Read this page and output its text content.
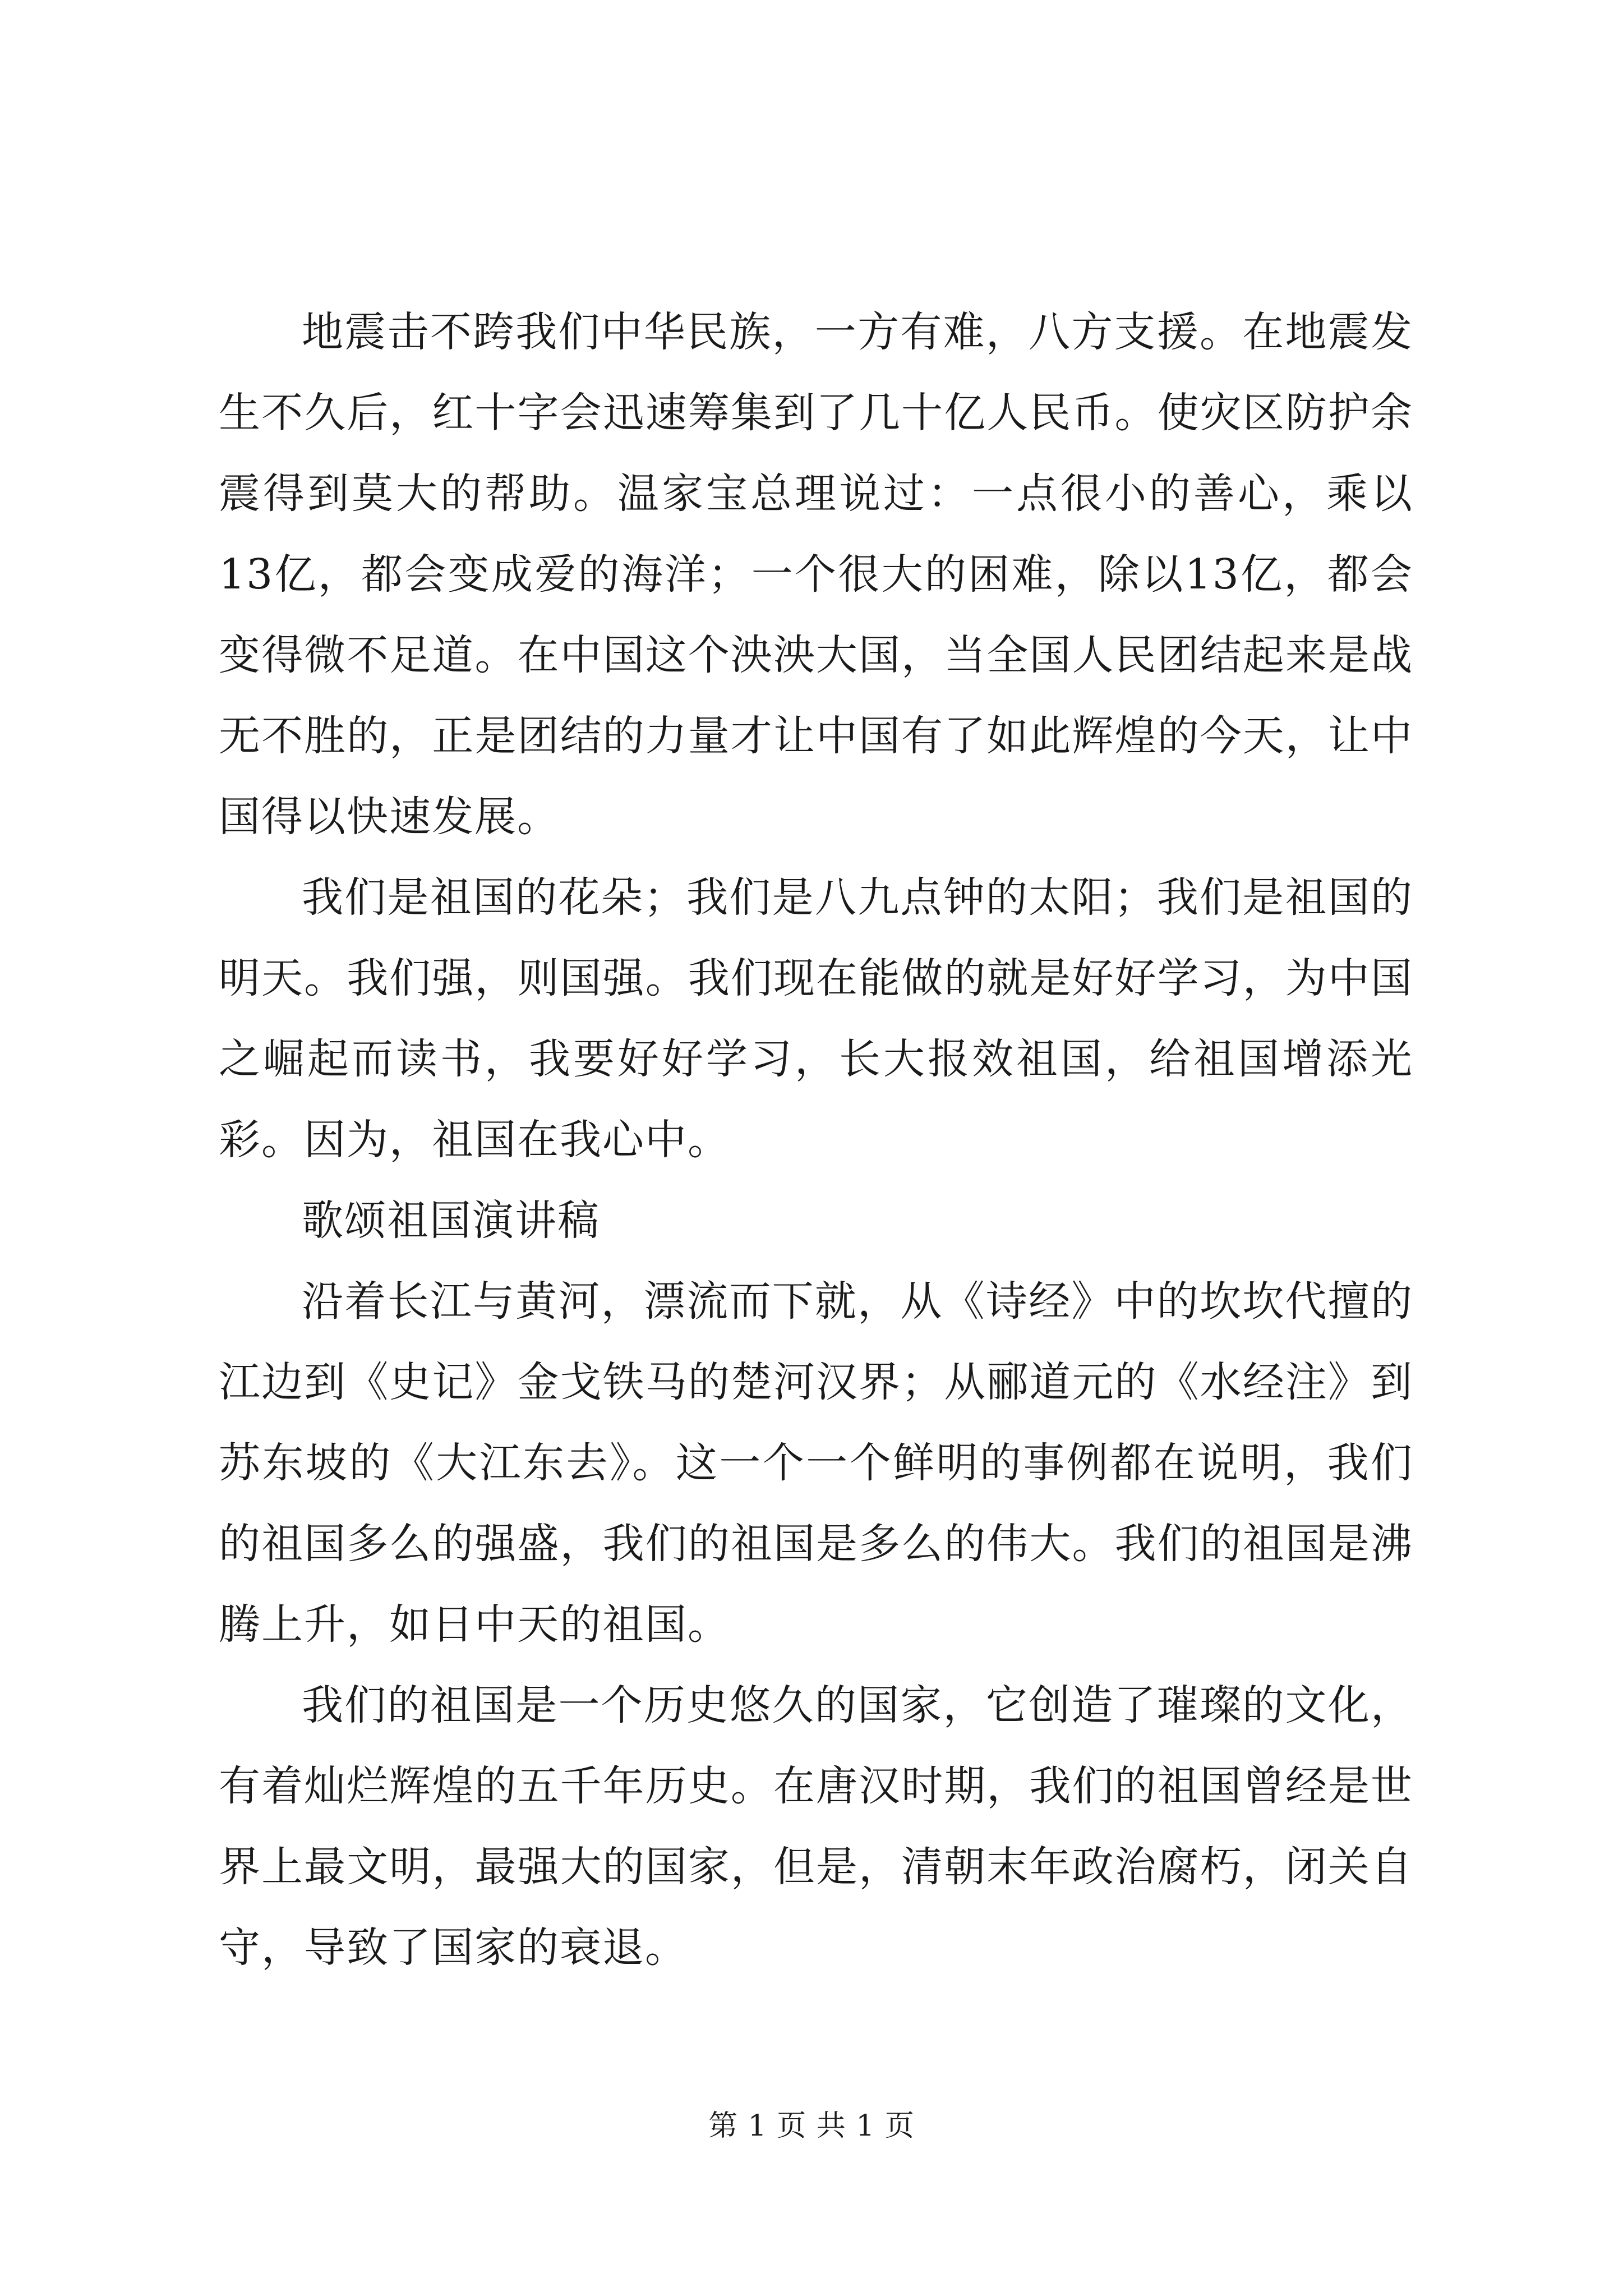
地震击不跨我们中华民族，一方有难，八方支援。在地震发生不久后，红十字会迅速筹集到了几十亿人民币。使灾区防护余震得到莫大的帮助。温家宝总理说过：一点很小的善心，乘以13亿，都会变成爱的海洋；一个很大的困难，除以13亿，都会变得微不足道。在中国这个泱泱大国，当全国人民团结起来是战无不胜的，正是团结的力量才让中国有了如此辉煌的今天，让中国得以快速发展。

我们是祖国的花朵；我们是八九点钟的太阳；我们是祖国的明天。我们强，则国强。我们现在能做的就是好好学习，为中国之崛起而读书，我要好好学习，长大报效祖国，给祖国增添光彩。因为，祖国在我心中。

歌颂祖国演讲稿

沿着长江与黄河，漂流而下就，从《诗经》中的坎坎代擅的江边到《史记》金戈铁马的楚河汉界；从郦道元的《水经注》到苏东坡的《大江东去》。这一个一个鲜明的事例都在说明，我们的祖国多么的强盛，我们的祖国是多么的伟大。我们的祖国是沸腾上升，如日中天的祖国。

我们的祖国是一个历史悠久的国家，它创造了璀璨的文化，有着灿烂辉煌的五千年历史。在唐汉时期，我们的祖国曾经是世界上最文明，最强大的国家，但是，清朝末年政治腐朽，闭关自守，导致了国家的衰退。

第 1 页 共 1 页
